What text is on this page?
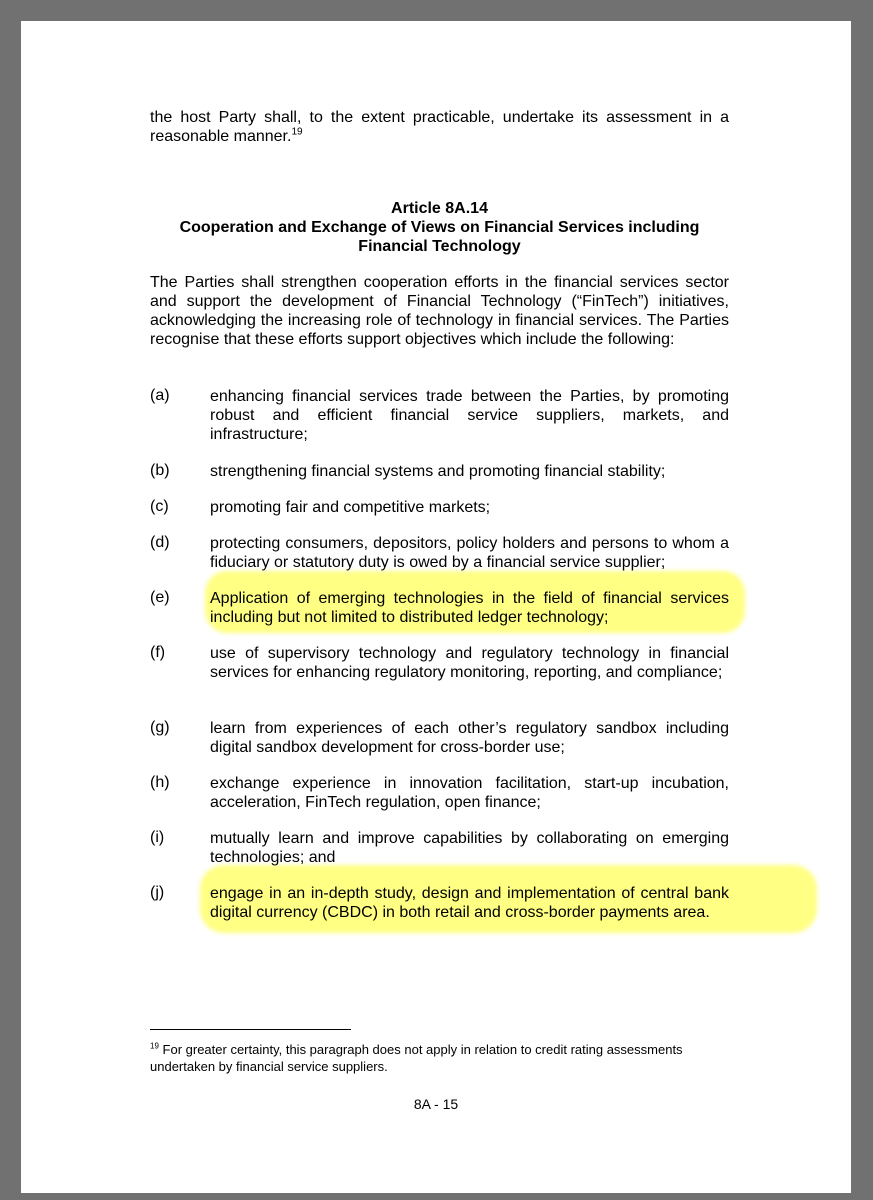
the host Party shall, to the extent practicable, undertake its assessment in a reasonable manner.$^{19}$
Article 8A.14
Cooperation and Exchange of Views on Financial Services including
Financial Technology
The Parties shall strengthen cooperation efforts in the financial services sector and support the development of Financial Technology (“FinTech”) initiatives, acknowledging the increasing role of technology in financial services. The Parties recognise that these efforts support objectives which include the following:
(a)	enhancing financial services trade between the Parties, by promoting robust and efficient financial service suppliers, markets, and infrastructure;
(b)	strengthening financial systems and promoting financial stability;
(c)	promoting fair and competitive markets;
(d)	protecting consumers, depositors, policy holders and persons to whom a fiduciary or statutory duty is owed by a financial service supplier;
(e)	Application of emerging technologies in the field of financial services including but not limited to distributed ledger technology;
(f)	use of supervisory technology and regulatory technology in financial services for enhancing regulatory monitoring, reporting, and compliance;
(g)	learn from experiences of each other’s regulatory sandbox including digital sandbox development for cross-border use;
(h)	exchange experience in innovation facilitation, start-up incubation, acceleration, FinTech regulation, open finance;
(i)	mutually learn and improve capabilities by collaborating on emerging technologies; and
(j)	engage in an in-depth study, design and implementation of central bank digital currency (CBDC) in both retail and cross-border payments area.
$^{19}$ For greater certainty, this paragraph does not apply in relation to credit rating assessments undertaken by financial service suppliers.
8A - 15
